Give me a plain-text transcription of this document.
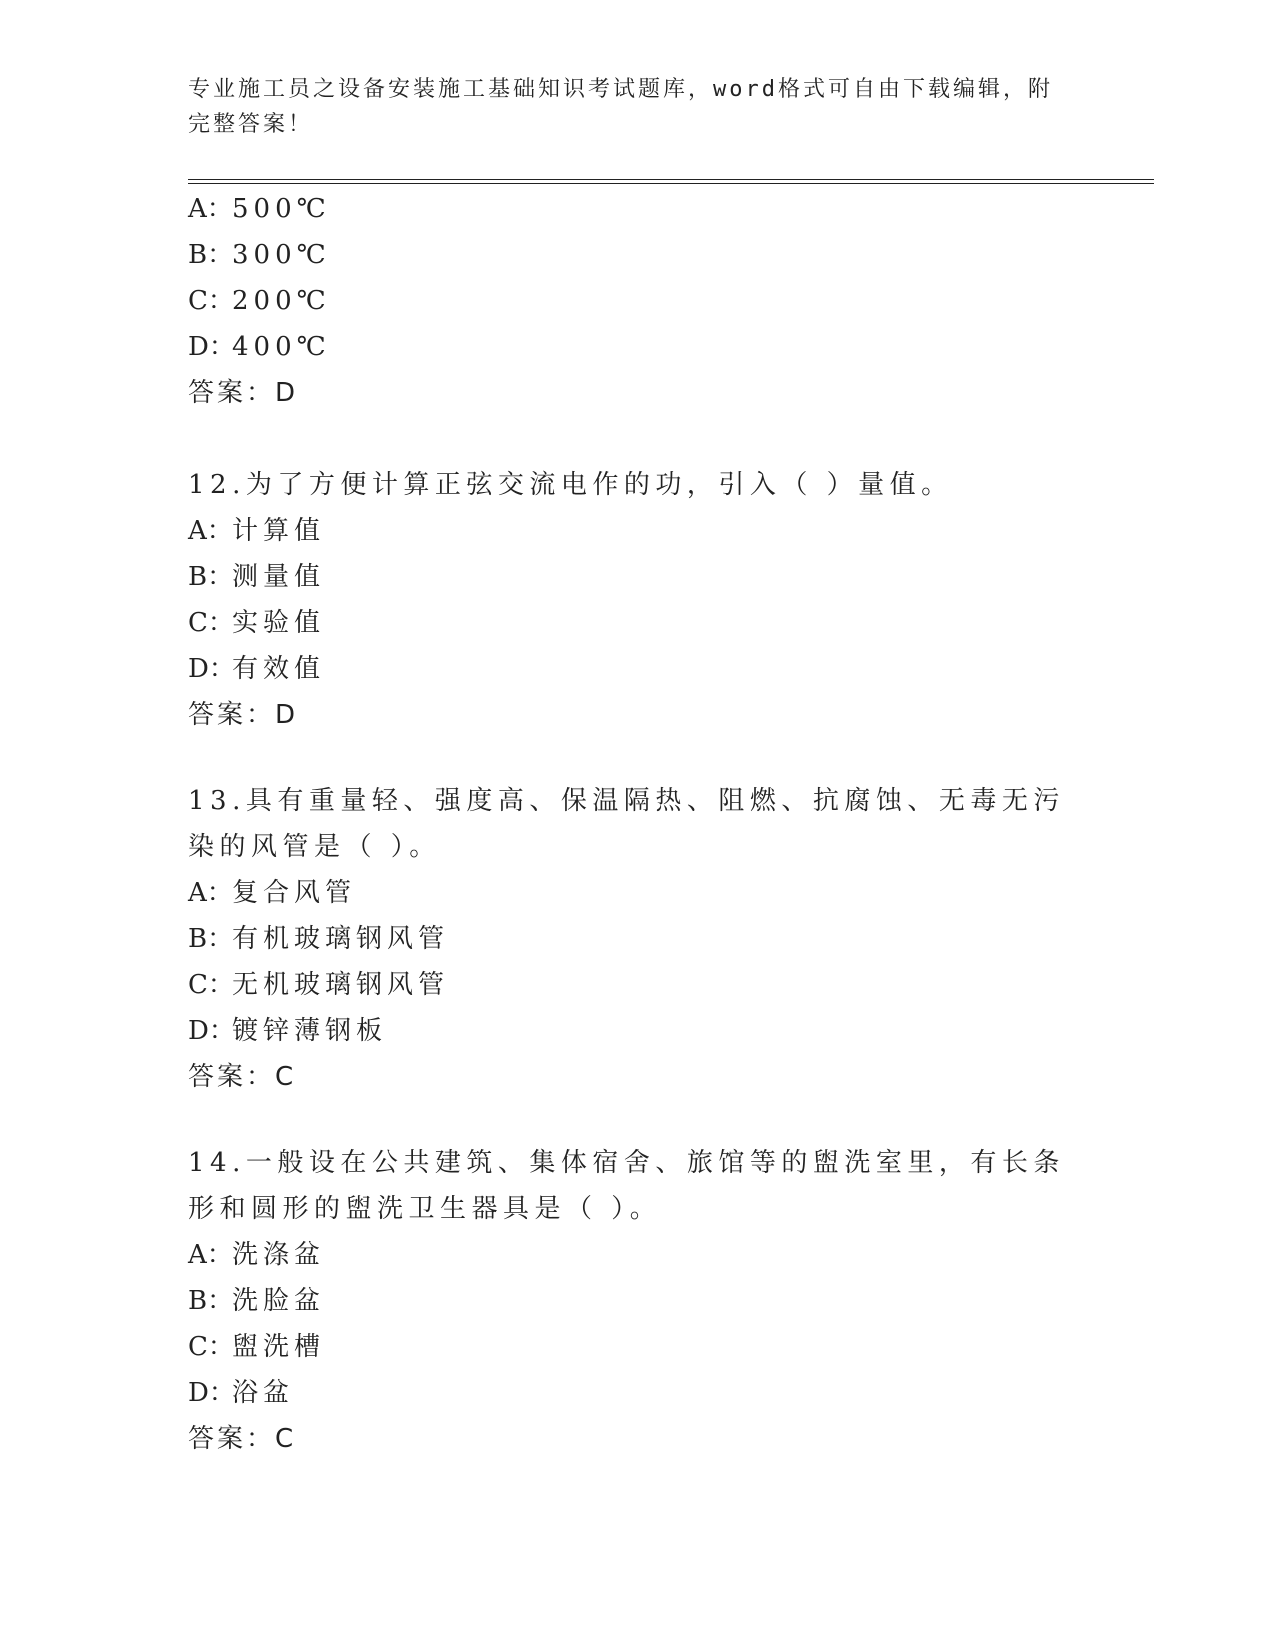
专业施工员之设备安装施工基础知识考试题库，word格式可自由下载编辑，附完整答案！
A：500℃
B：300℃
C：200℃
D：400℃
答案：D
12.为了方便计算正弦交流电作的功，引入（ ）量值。
A：计算值
B：测量值
C：实验值
D：有效值
答案：D
13.具有重量轻、强度高、保温隔热、阻燃、抗腐蚀、无毒无污染的风管是（ ）。
A：复合风管
B：有机玻璃钢风管
C：无机玻璃钢风管
D：镀锌薄钢板
答案：C
14.一般设在公共建筑、集体宿舍、旅馆等的盥洗室里，有长条形和圆形的盥洗卫生器具是（ ）。
A：洗涤盆
B：洗脸盆
C：盥洗槽
D：浴盆
答案：C
